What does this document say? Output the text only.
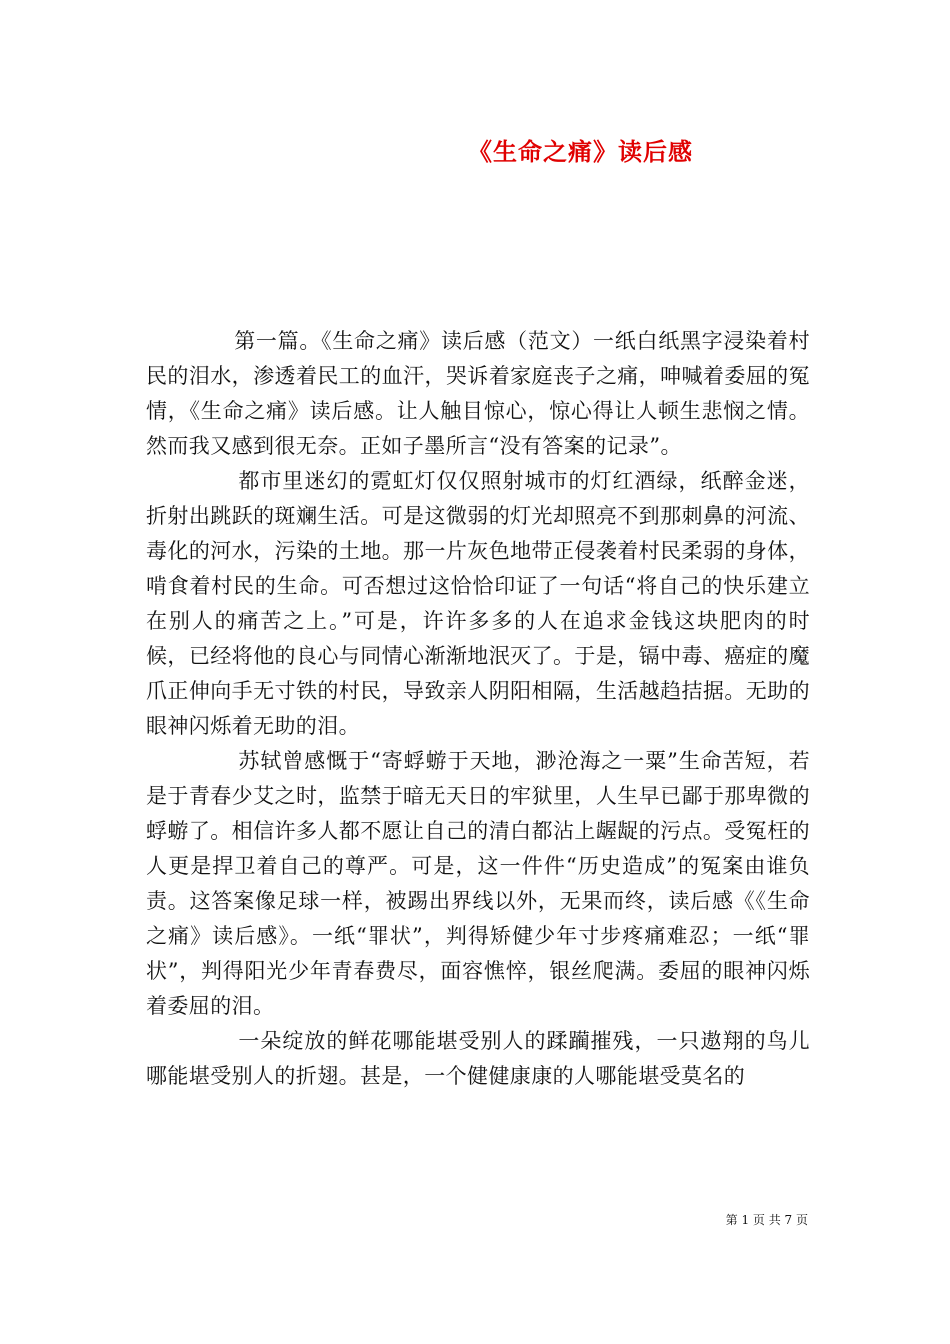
《生命之痛》读后感

第一篇。《生命之痛》读后感（范文）一纸白纸黑字浸染着村民的泪水，渗透着民工的血汗，哭诉着家庭丧子之痛，呻喊着委屈的冤情，《生命之痛》读后感。让人触目惊心，惊心得让人顿生悲悯之情。然而我又感到很无奈。正如子墨所言“没有答案的记录”。

都市里迷幻的霓虹灯仅仅照射城市的灯红酒绿，纸醉金迷，折射出跳跃的斑斓生活。可是这微弱的灯光却照亮不到那刺鼻的河流、毒化的河水，污染的土地。那一片灰色地带正侵袭着村民柔弱的身体，啃食着村民的生命。可否想过这恰恰印证了一句话“将自己的快乐建立在别人的痛苦之上。”可是，许许多多的人在追求金钱这块肥肉的时候，已经将他的良心与同情心渐渐地泯灭了。于是，镉中毒、癌症的魔爪正伸向手无寸铁的村民，导致亲人阴阳相隔，生活越趋拮据。无助的眼神闪烁着无助的泪。

苏轼曾感慨于“寄蜉蝣于天地，渺沧海之一粟”生命苦短，若是于青春少艾之时，监禁于暗无天日的牢狱里，人生早已鄙于那卑微的蜉蝣了。相信许多人都不愿让自己的清白都沾上龌龊的污点。受冤枉的人更是捍卫着自己的尊严。可是，这一件件“历史造成”的冤案由谁负责。这答案像足球一样，被踢出界线以外，无果而终，读后感《《生命之痛》读后感》。一纸“罪状”，判得矫健少年寸步疼痛难忍；一纸“罪状”，判得阳光少年青春费尽，面容憔悴，银丝爬满。委屈的眼神闪烁着委屈的泪。

一朵绽放的鲜花哪能堪受别人的蹂躏摧残，一只遨翔的鸟儿哪能堪受别人的折翅。甚是，一个健健康康的人哪能堪受莫名的

第 1 页 共 7 页
